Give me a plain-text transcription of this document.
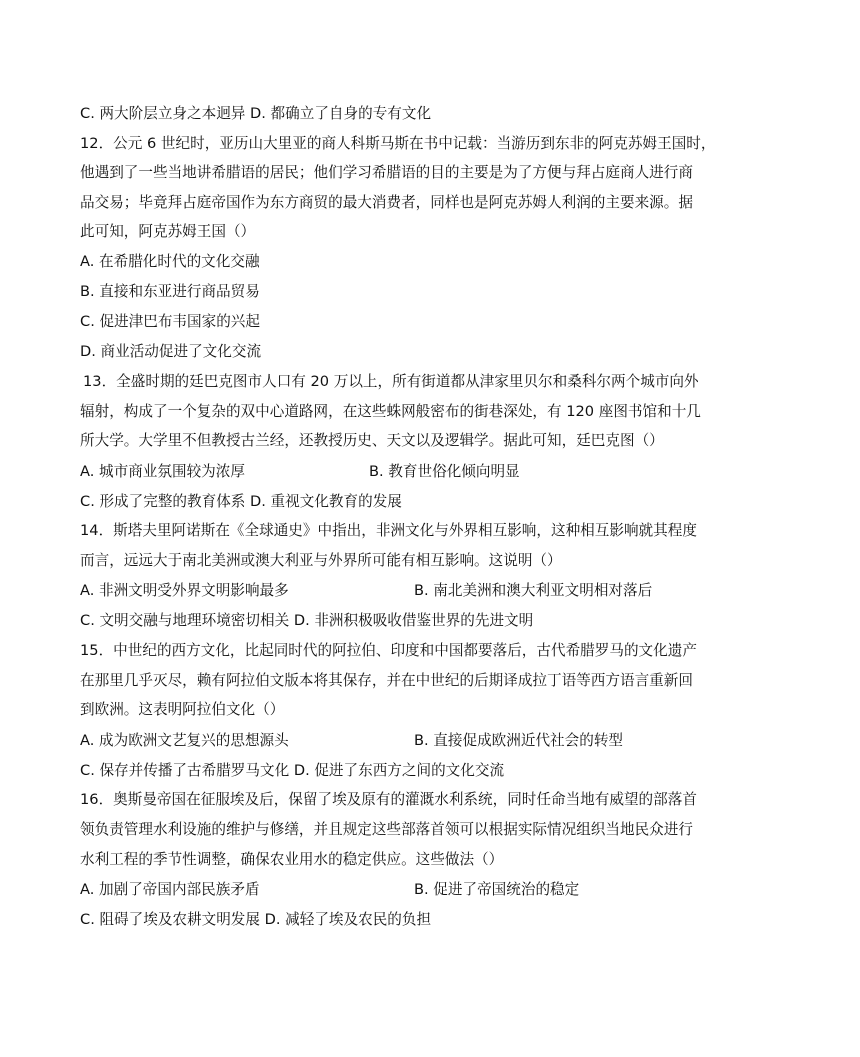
C. 两大阶层立身之本迥异 D. 都确立了自身的专有文化
12．公元 6 世纪时，亚历山大里亚的商人科斯马斯在书中记载：当游历到东非的阿克苏姆王国时，
他遇到了一些当地讲希腊语的居民；他们学习希腊语的目的主要是为了方便与拜占庭商人进行商
品交易；毕竟拜占庭帝国作为东方商贸的最大消费者，同样也是阿克苏姆人利润的主要来源。据
此可知，阿克苏姆王国（）
A. 在希腊化时代的文化交融
B. 直接和东亚进行商品贸易
C. 促进津巴布韦国家的兴起
D. 商业活动促进了文化交流
13．全盛时期的廷巴克图市人口有 20 万以上，所有街道都从津家里贝尔和桑科尔两个城市向外
辐射，构成了一个复杂的双中心道路网，在这些蛛网般密布的街巷深处，有 120 座图书馆和十几
所大学。大学里不但教授古兰经，还教授历史、天文以及逻辑学。据此可知，廷巴克图（）
A. 城市商业氛围较为浓厚	B. 教育世俗化倾向明显
C. 形成了完整的教育体系 D. 重视文化教育的发展
14．斯塔夫里阿诺斯在《全球通史》中指出，非洲文化与外界相互影响，这种相互影响就其程度
而言，远远大于南北美洲或澳大利亚与外界所可能有相互影响。这说明（）
A. 非洲文明受外界文明影响最多	B. 南北美洲和澳大利亚文明相对落后
C. 文明交融与地理环境密切相关 D. 非洲积极吸收借鉴世界的先进文明
15．中世纪的西方文化，比起同时代的阿拉伯、印度和中国都要落后，古代希腊罗马的文化遗产
在那里几乎灭尽，赖有阿拉伯文版本将其保存，并在中世纪的后期译成拉丁语等西方语言重新回
到欧洲。这表明阿拉伯文化（）
A. 成为欧洲文艺复兴的思想源头	B. 直接促成欧洲近代社会的转型
C. 保存并传播了古希腊罗马文化 D. 促进了东西方之间的文化交流
16．奥斯曼帝国在征服埃及后，保留了埃及原有的灌溉水利系统，同时任命当地有威望的部落首
领负责管理水利设施的维护与修缮，并且规定这些部落首领可以根据实际情况组织当地民众进行
水利工程的季节性调整，确保农业用水的稳定供应。这些做法（）
A. 加剧了帝国内部民族矛盾	B. 促进了帝国统治的稳定
C. 阻碍了埃及农耕文明发展 D. 减轻了埃及农民的负担
